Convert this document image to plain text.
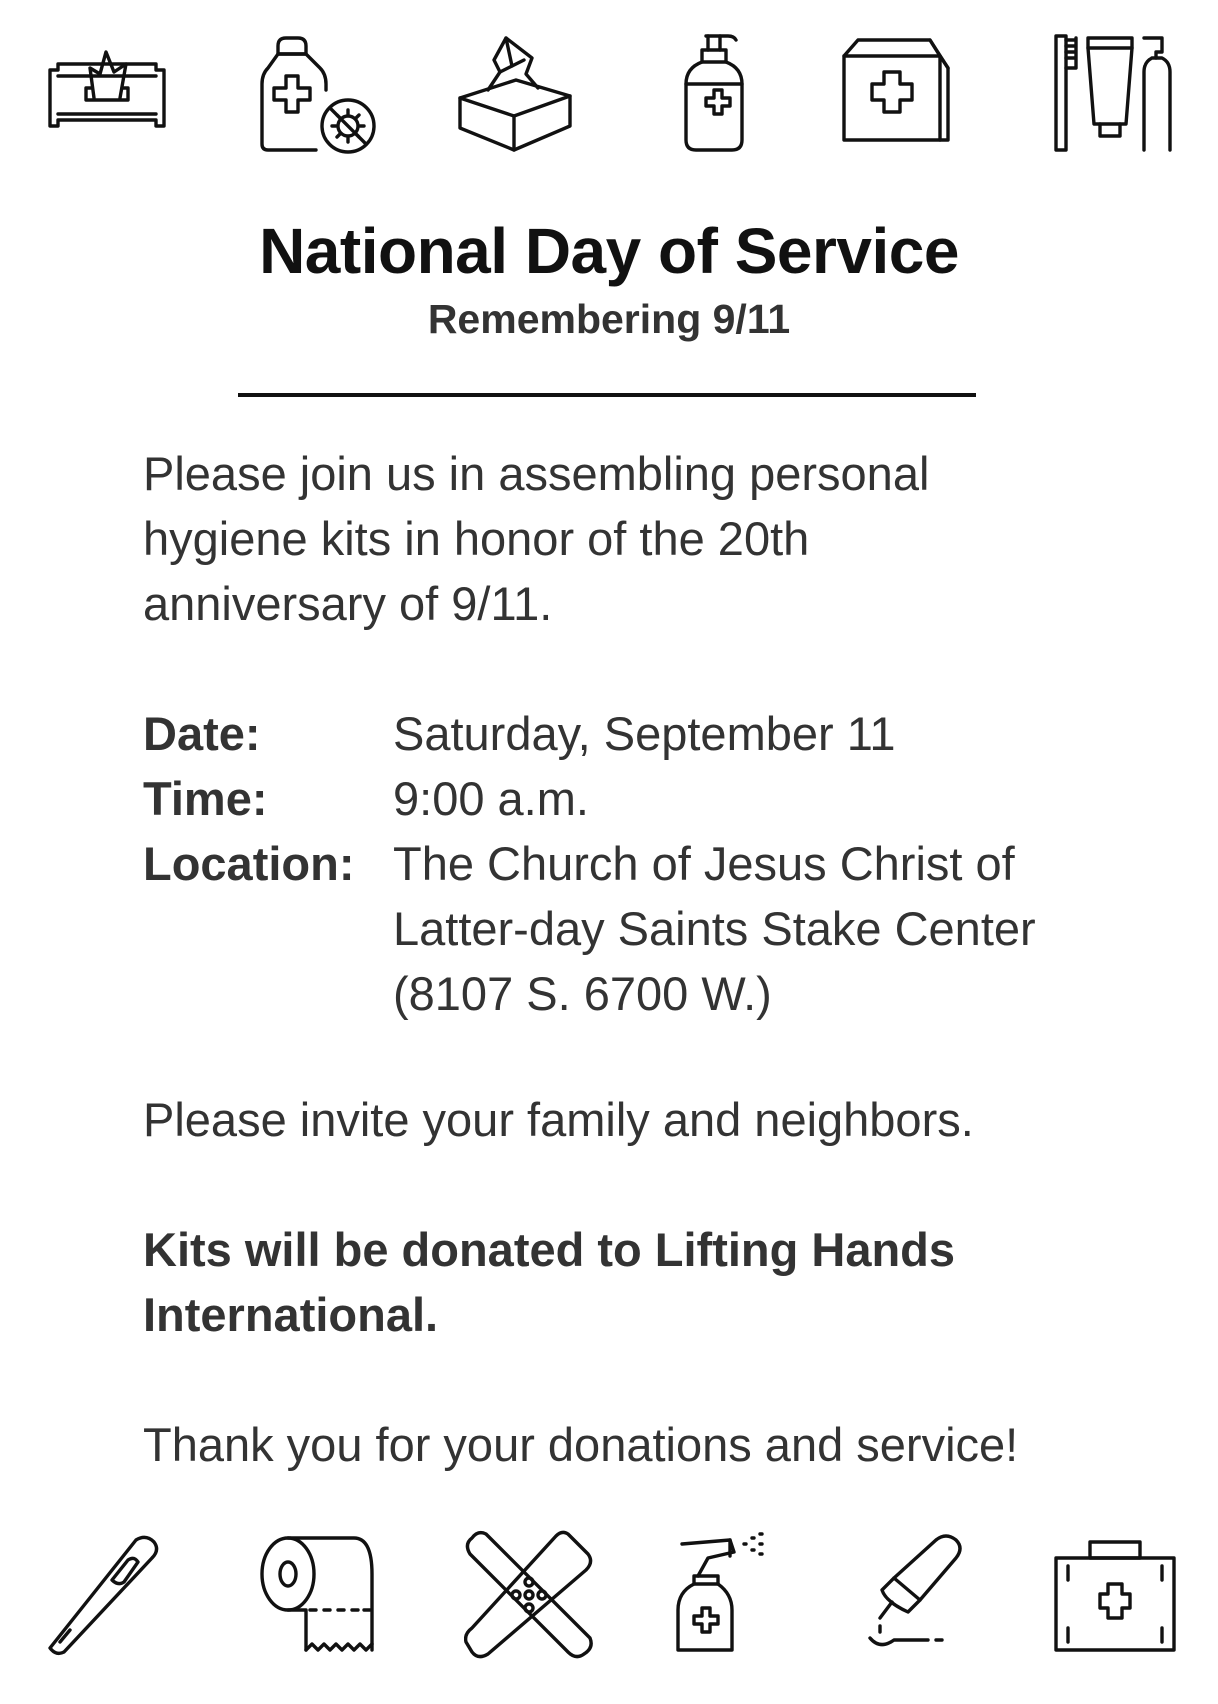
National Day of Service
Remembering 9/11
Please join us in assembling personal hygiene kits in honor of the 20th anniversary of 9/11.
Date:	Saturday, September 11
Time:	9:00 a.m.
Location: The Church of Jesus Christ of
Latter-day Saints Stake Center
(8107 S. 6700 W.)
Please invite your family and neighbors.
Kits will be donated to Lifting Hands International.
Thank you for your donations and service!
